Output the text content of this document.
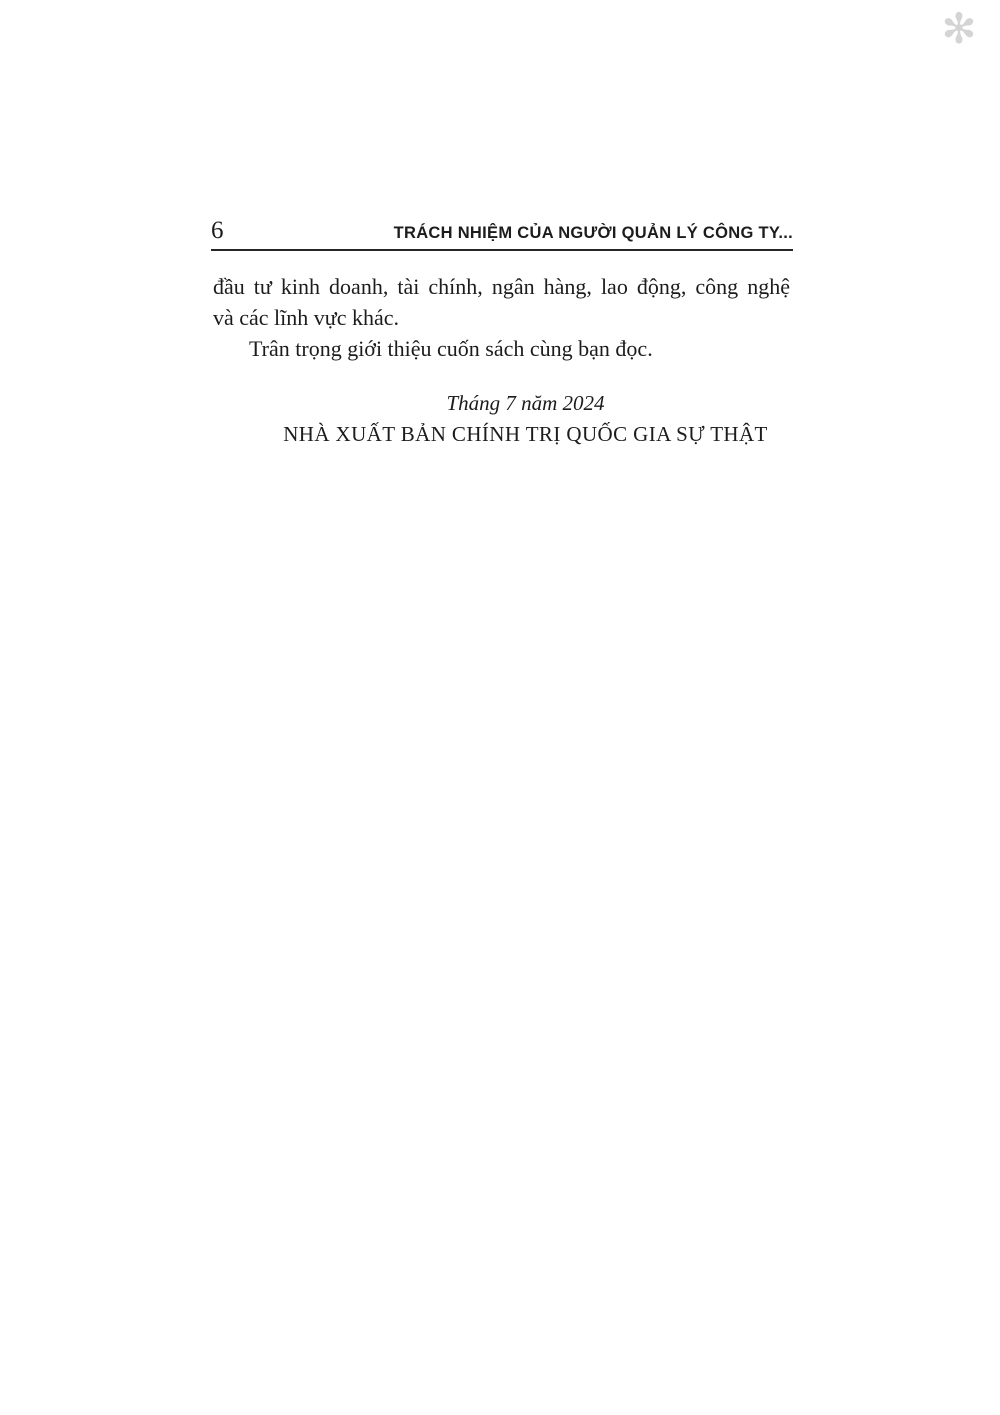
✻
6	TRÁCH NHIỆM CỦA NGƯỜI QUẢN LÝ CÔNG TY...
đầu tư kinh doanh, tài chính, ngân hàng, lao động, công nghệ
và các lĩnh vực khác.
Trân trọng giới thiệu cuốn sách cùng bạn đọc.
Tháng 7 năm 2024
NHÀ XUẤT BẢN CHÍNH TRỊ QUỐC GIA SỰ THẬT
